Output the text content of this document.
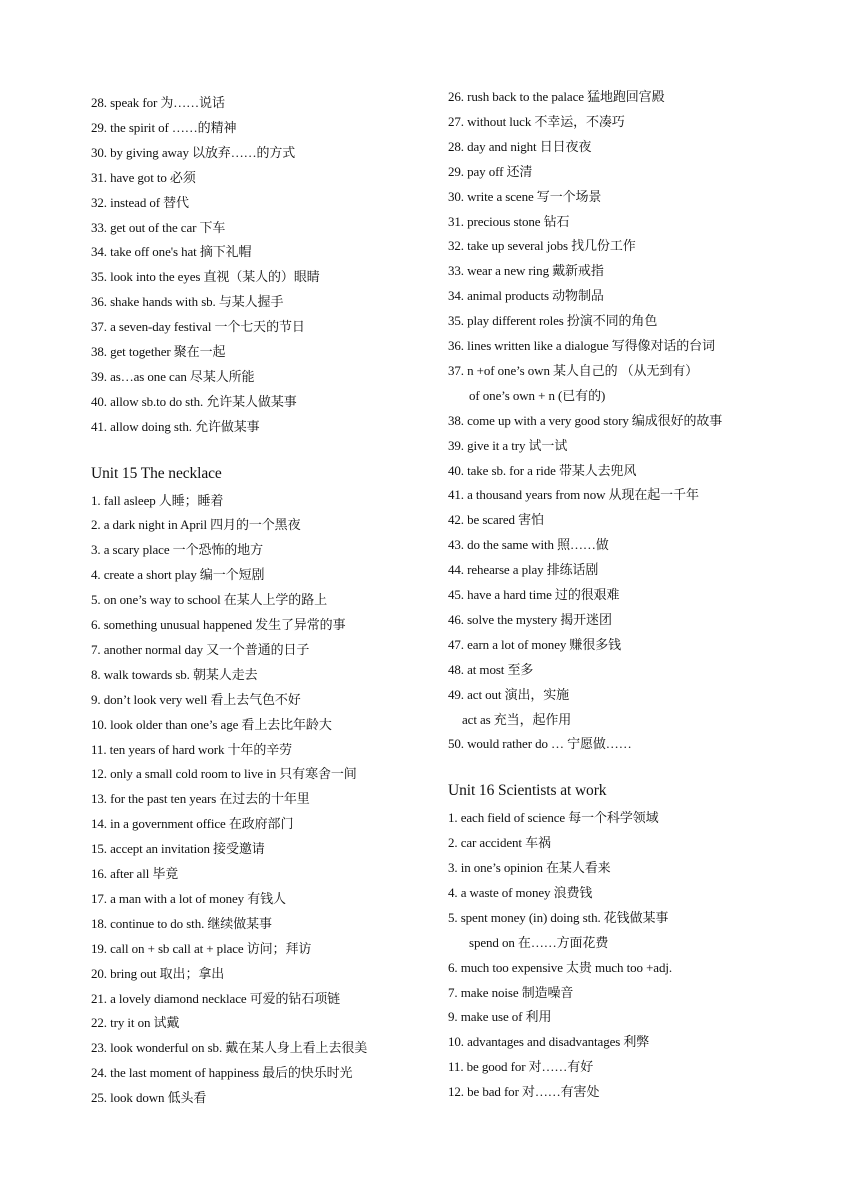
28. speak for 为……说话
29. the spirit of ……的精神
30. by giving away 以放弃……的方式
31. have got to 必须
32. instead of 替代
33. get out of the car 下车
34. take off one's hat 摘下礼帽
35. look into the eyes 直视（某人的）眼睛
36. shake hands with sb. 与某人握手
37. a seven-day festival 一个七天的节日
38. get together 聚在一起
39. as…as one can 尽某人所能
40. allow sb.to do sth. 允许某人做某事
41. allow doing sth. 允许做某事
Unit 15 The necklace
1. fall asleep 人睡；睡着
2. a dark night in April 四月的一个黑夜
3. a scary place 一个恐怖的地方
4. create a short play 编一个短剧
5. on one’s way to school 在某人上学的路上
6. something unusual happened 发生了异常的事
7. another normal day 又一个普通的日子
8. walk towards sb. 朝某人走去
9. don’t look very well 看上去气色不好
10. look older than one’s age 看上去比年龄大
11. ten years of hard work 十年的辛劳
12. only a small cold room to live in 只有寒舍一间
13. for the past ten years 在过去的十年里
14. in a government office 在政府部门
15. accept an invitation 接受邀请
16. after all 毕竟
17. a man with a lot of money 有钱人
18. continue to do sth. 继续做某事
19. call on + sb call at + place 访问；拜访
20. bring out 取出；拿出
21. a lovely diamond necklace 可爱的钻石项链
22. try it on 试戴
23. look wonderful on sb. 戴在某人身上看上去很美
24. the last moment of happiness 最后的快乐时光
25. look down 低头看
26. rush back to the palace 猛地跑回宫殿
27. without luck 不幸运，不凑巧
28. day and night 日日夜夜
29. pay off 还清
30. write a scene 写一个场景
31. precious stone 钻石
32. take up several jobs 找几份工作
33. wear a new ring 戴新戒指
34. animal products 动物制品
35. play different roles 扮演不同的角色
36. lines written like a dialogue 写得像对话的台词
37. n +of one’s own 某人自己的 （从无到有）
of one’s own + n (已有的)
38. come up with a very good story 编成很好的故事
39. give it a try 试一试
40. take sb. for a ride 带某人去兜风
41. a thousand years from now 从现在起一千年
42. be scared 害怕
43. do the same with 照……做
44. rehearse a play 排练话剧
45. have a hard time 过的很艰难
46. solve the mystery 揭开迷团
47. earn a lot of money 赚很多钱
48. at most 至多
49. act out 演出，实施
act as 充当，起作用
50. would rather do … 宁愿做……
Unit 16 Scientists at work
1. each field of science 每一个科学领域
2. car accident 车祸
3. in one’s opinion 在某人看来
4. a waste of money 浪费钱
5. spent money (in) doing sth. 花钱做某事
spend on 在……方面花费
6. much too expensive 太贵 much too +adj.
7. make noise 制造噪音
9. make use of 利用
10. advantages and disadvantages 利弊
11. be good for 对……有好
12. be bad for 对……有害处
